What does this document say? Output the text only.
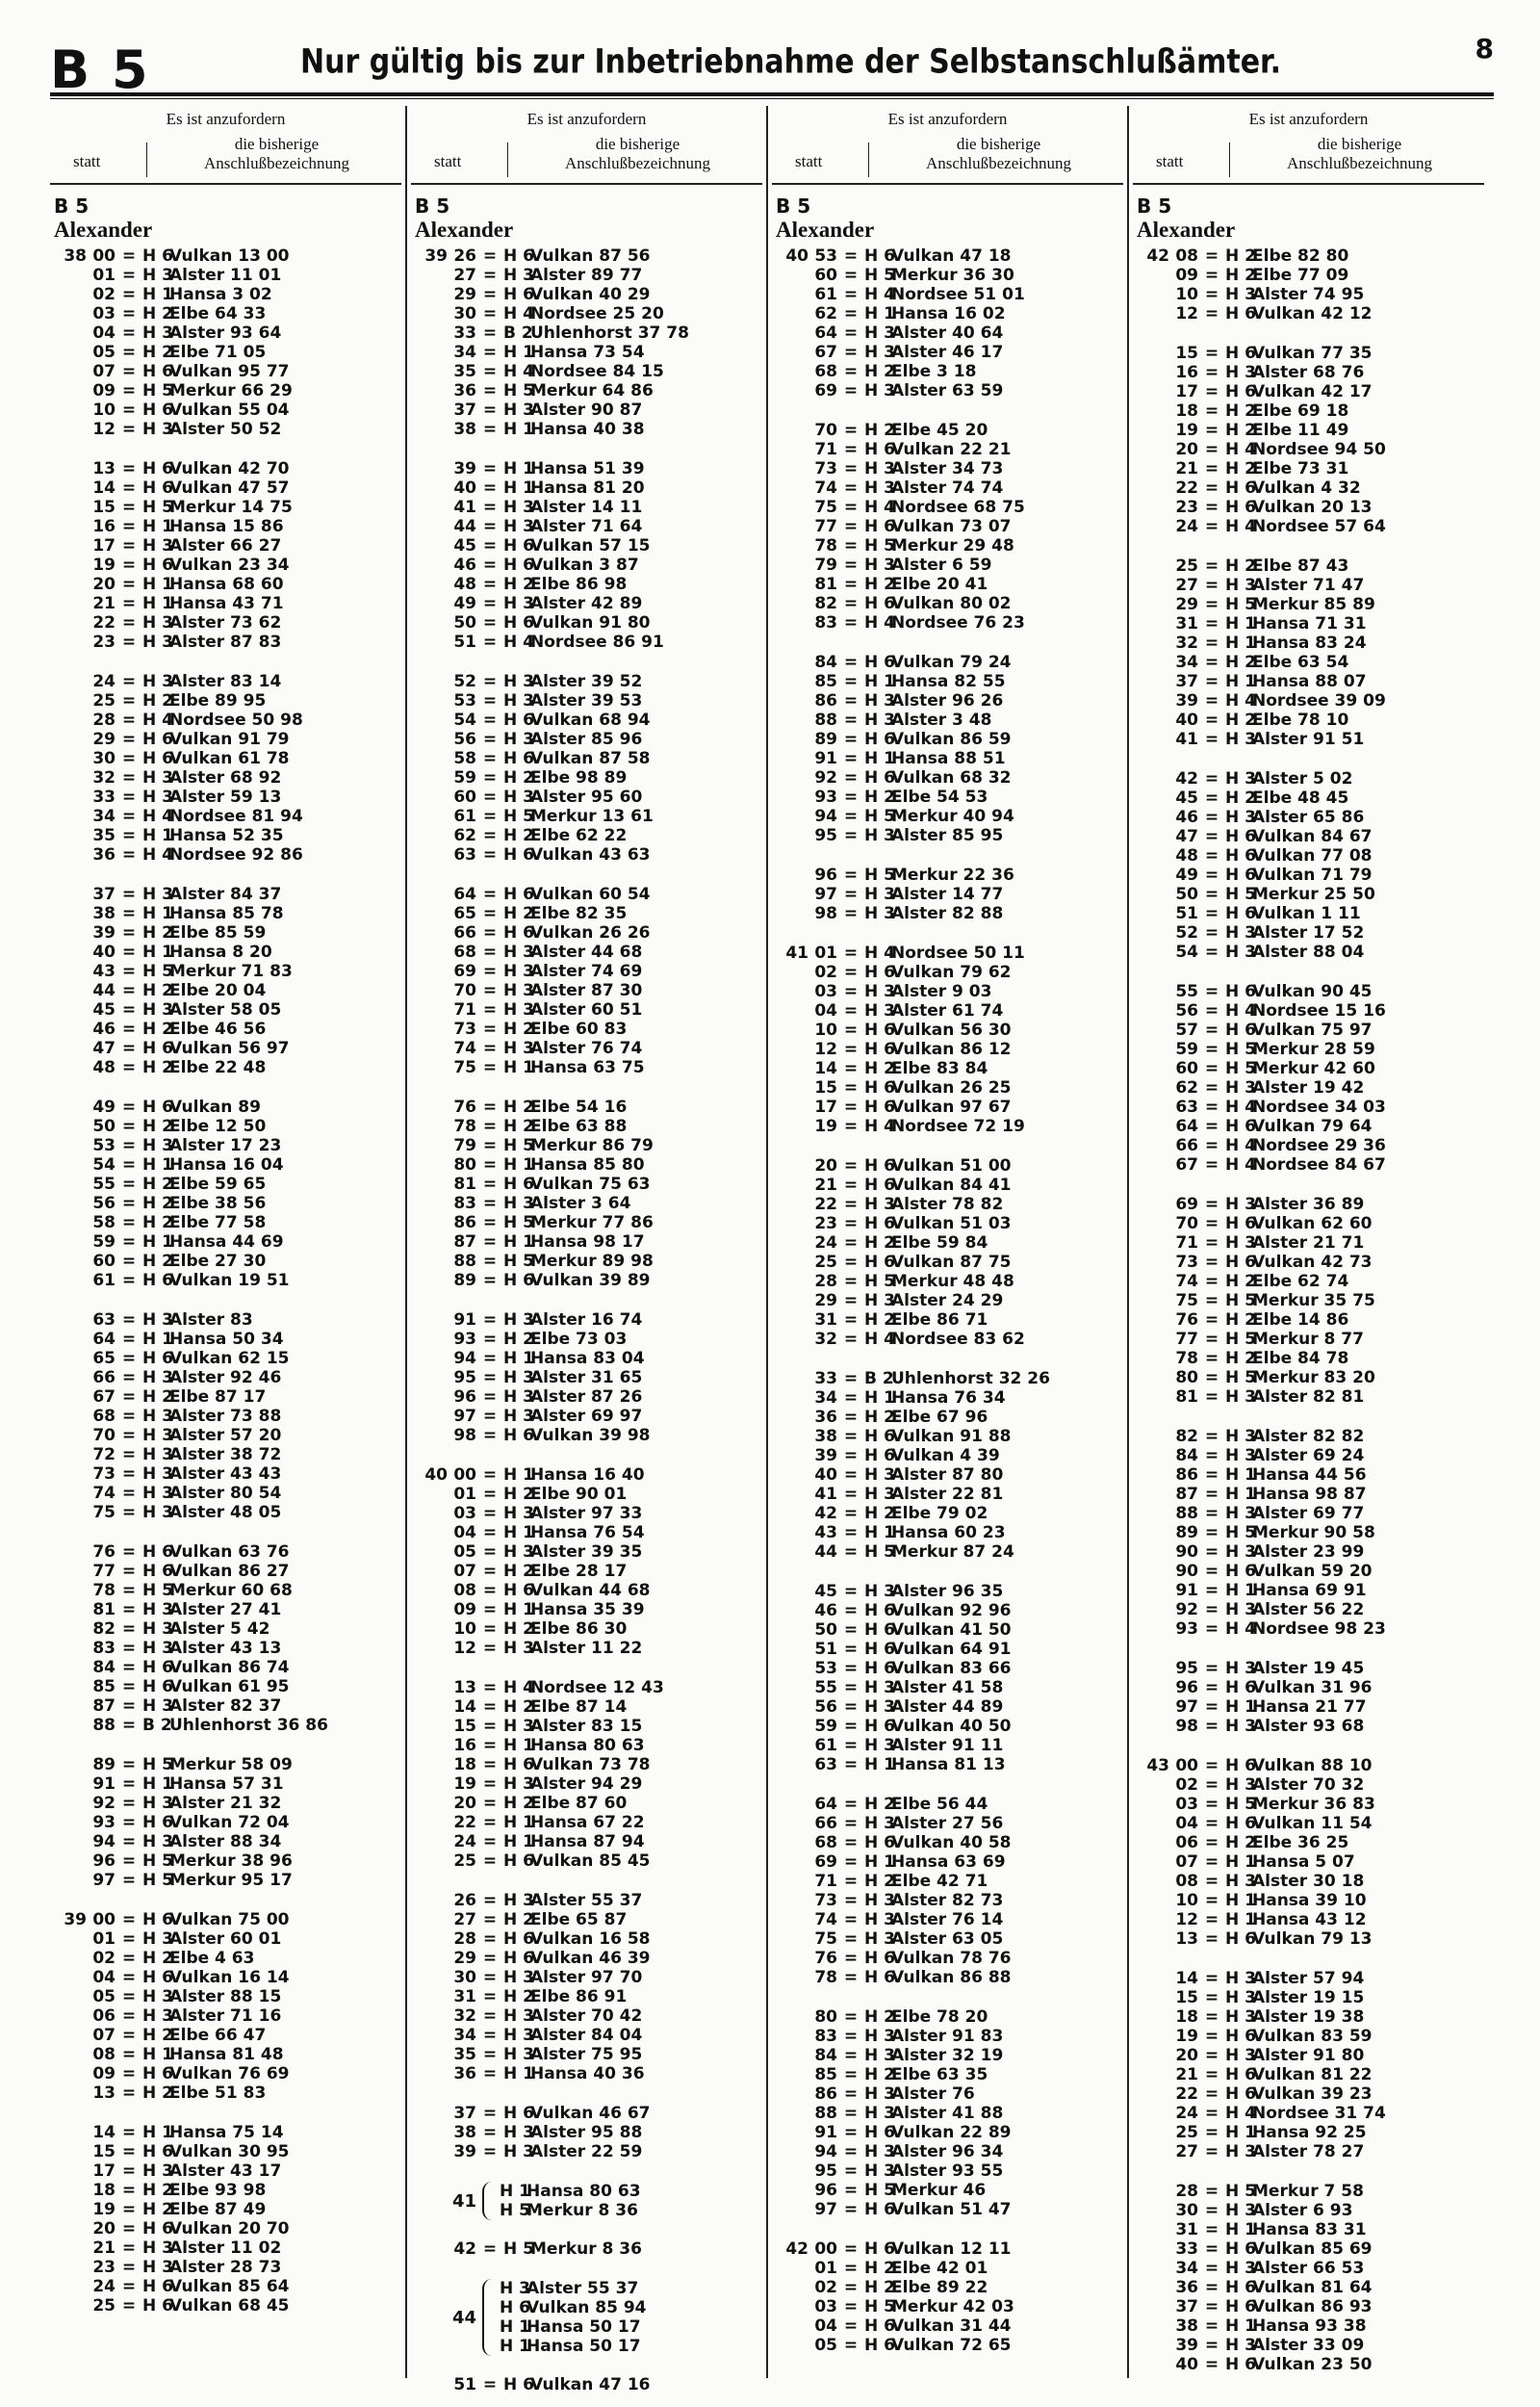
B 5	Nur gültig bis zur Inbetriebnahme der Selbstanschlußämter.	8
Es ist anzufordern
statt
die bisherige
Anschlußbezeichnung
B 5
Alexander
38 00 = H 6
Vulkan 13 00
01 = H 3
Alster 11 01
02 = H 1
Hansa 3 02
03 = H 2
Elbe 64 33
04 = H 3
Alster 93 64
05 = H 2
Elbe 71 05
07 = H 6
Vulkan 95 77
09 = H 5
Merkur 66 29
10 = H 6
Vulkan 55 04
12 = H 3
Alster 50 52
13 = H 6
Vulkan 42 70
14 = H 6
Vulkan 47 57
15 = H 5
Merkur 14 75
16 = H 1
Hansa 15 86
17 = H 3
Alster 66 27
19 = H 6
Vulkan 23 34
20 = H 1
Hansa 68 60
21 = H 1
Hansa 43 71
22 = H 3
Alster 73 62
23 = H 3
Alster 87 83
24 = H 3
Alster 83 14
25 = H 2
Elbe 89 95
28 = H 4
Nordsee 50 98
29 = H 6
Vulkan 91 79
30 = H 6
Vulkan 61 78
32 = H 3
Alster 68 92
33 = H 3
Alster 59 13
34 = H 4
Nordsee 81 94
35 = H 1
Hansa 52 35
36 = H 4
Nordsee 92 86
37 = H 3
Alster 84 37
38 = H 1
Hansa 85 78
39 = H 2
Elbe 85 59
40 = H 1
Hansa 8 20
43 = H 5
Merkur 71 83
44 = H 2
Elbe 20 04
45 = H 3
Alster 58 05
46 = H 2
Elbe 46 56
47 = H 6
Vulkan 56 97
48 = H 2
Elbe 22 48
49 = H 6
Vulkan 89
50 = H 2
Elbe 12 50
53 = H 3
Alster 17 23
54 = H 1
Hansa 16 04
55 = H 2
Elbe 59 65
56 = H 2
Elbe 38 56
58 = H 2
Elbe 77 58
59 = H 1
Hansa 44 69
60 = H 2
Elbe 27 30
61 = H 6
Vulkan 19 51
63 = H 3
Alster 83
64 = H 1
Hansa 50 34
65 = H 6
Vulkan 62 15
66 = H 3
Alster 92 46
67 = H 2
Elbe 87 17
68 = H 3
Alster 73 88
70 = H 3
Alster 57 20
72 = H 3
Alster 38 72
73 = H 3
Alster 43 43
74 = H 3
Alster 80 54
75 = H 3
Alster 48 05
76 = H 6
Vulkan 63 76
77 = H 6
Vulkan 86 27
78 = H 5
Merkur 60 68
81 = H 3
Alster 27 41
82 = H 3
Alster 5 42
83 = H 3
Alster 43 13
84 = H 6
Vulkan 86 74
85 = H 6
Vulkan 61 95
87 = H 3
Alster 82 37
88 = B 2
Uhlenhorst 36 86
89 = H 5
Merkur 58 09
91 = H 1
Hansa 57 31
92 = H 3
Alster 21 32
93 = H 6
Vulkan 72 04
94 = H 3
Alster 88 34
96 = H 5
Merkur 38 96
97 = H 5
Merkur 95 17
39 00 = H 6
Vulkan 75 00
01 = H 3
Alster 60 01
02 = H 2
Elbe 4 63
04 = H 6
Vulkan 16 14
05 = H 3
Alster 88 15
06 = H 3
Alster 71 16
07 = H 2
Elbe 66 47
08 = H 1
Hansa 81 48
09 = H 6
Vulkan 76 69
13 = H 2
Elbe 51 83
14 = H 1
Hansa 75 14
15 = H 6
Vulkan 30 95
17 = H 3
Alster 43 17
18 = H 2
Elbe 93 98
19 = H 2
Elbe 87 49
20 = H 6
Vulkan 20 70
21 = H 3
Alster 11 02
23 = H 3
Alster 28 73
24 = H 6
Vulkan 85 64
25 = H 6
Vulkan 68 45
Es ist anzufordern
statt
die bisherige
Anschlußbezeichnung
B 5
Alexander
39 26 = H 6
Vulkan 87 56
27 = H 3
Alster 89 77
29 = H 6
Vulkan 40 29
30 = H 4
Nordsee 25 20
33 = B 2
Uhlenhorst 37 78
34 = H 1
Hansa 73 54
35 = H 4
Nordsee 84 15
36 = H 5
Merkur 64 86
37 = H 3
Alster 90 87
38 = H 1
Hansa 40 38
39 = H 1
Hansa 51 39
40 = H 1
Hansa 81 20
41 = H 3
Alster 14 11
44 = H 3
Alster 71 64
45 = H 6
Vulkan 57 15
46 = H 6
Vulkan 3 87
48 = H 2
Elbe 86 98
49 = H 3
Alster 42 89
50 = H 6
Vulkan 91 80
51 = H 4
Nordsee 86 91
52 = H 3
Alster 39 52
53 = H 3
Alster 39 53
54 = H 6
Vulkan 68 94
56 = H 3
Alster 85 96
58 = H 6
Vulkan 87 58
59 = H 2
Elbe 98 89
60 = H 3
Alster 95 60
61 = H 5
Merkur 13 61
62 = H 2
Elbe 62 22
63 = H 6
Vulkan 43 63
64 = H 6
Vulkan 60 54
65 = H 2
Elbe 82 35
66 = H 6
Vulkan 26 26
68 = H 3
Alster 44 68
69 = H 3
Alster 74 69
70 = H 3
Alster 87 30
71 = H 3
Alster 60 51
73 = H 2
Elbe 60 83
74 = H 3
Alster 76 74
75 = H 1
Hansa 63 75
76 = H 2
Elbe 54 16
78 = H 2
Elbe 63 88
79 = H 5
Merkur 86 79
80 = H 1
Hansa 85 80
81 = H 6
Vulkan 75 63
83 = H 3
Alster 3 64
86 = H 5
Merkur 77 86
87 = H 1
Hansa 98 17
88 = H 5
Merkur 89 98
89 = H 6
Vulkan 39 89
91 = H 3
Alster 16 74
93 = H 2
Elbe 73 03
94 = H 1
Hansa 83 04
95 = H 3
Alster 31 65
96 = H 3
Alster 87 26
97 = H 3
Alster 69 97
98 = H 6
Vulkan 39 98
40 00 = H 1
Hansa 16 40
01 = H 2
Elbe 90 01
03 = H 3
Alster 97 33
04 = H 1
Hansa 76 54
05 = H 3
Alster 39 35
07 = H 2
Elbe 28 17
08 = H 6
Vulkan 44 68
09 = H 1
Hansa 35 39
10 = H 2
Elbe 86 30
12 = H 3
Alster 11 22
13 = H 4
Nordsee 12 43
14 = H 2
Elbe 87 14
15 = H 3
Alster 83 15
16 = H 1
Hansa 80 63
18 = H 6
Vulkan 73 78
19 = H 3
Alster 94 29
20 = H 2
Elbe 87 60
22 = H 1
Hansa 67 22
24 = H 1
Hansa 87 94
25 = H 6
Vulkan 85 45
26 = H 3
Alster 55 37
27 = H 2
Elbe 65 87
28 = H 6
Vulkan 16 58
29 = H 6
Vulkan 46 39
30 = H 3
Alster 97 70
31 = H 2
Elbe 86 91
32 = H 3
Alster 70 42
34 = H 3
Alster 84 04
35 = H 3
Alster 75 95
36 = H 1
Hansa 40 36
37 = H 6
Vulkan 46 67
38 = H 3
Alster 95 88
39 = H 3
Alster 22 59
41 H 1Hansa 80 63
H 5Merkur 8 36
42 = H 5
Merkur 8 36
44
H 3Alster 55 37
H 6Vulkan 85 94
H 1Hansa 50 17
H 1Hansa 50 17
51 = H 6
Vulkan 47 16
Es ist anzufordern
statt
die bisherige
Anschlußbezeichnung
B 5
Alexander
40 53 = H 6
Vulkan 47 18
60 = H 5
Merkur 36 30
61 = H 4
Nordsee 51 01
62 = H 1
Hansa 16 02
64 = H 3
Alster 40 64
67 = H 3
Alster 46 17
68 = H 2
Elbe 3 18
69 = H 3
Alster 63 59
70 = H 2
Elbe 45 20
71 = H 6
Vulkan 22 21
73 = H 3
Alster 34 73
74 = H 3
Alster 74 74
75 = H 4
Nordsee 68 75
77 = H 6
Vulkan 73 07
78 = H 5
Merkur 29 48
79 = H 3
Alster 6 59
81 = H 2
Elbe 20 41
82 = H 6
Vulkan 80 02
83 = H 4
Nordsee 76 23
84 = H 6
Vulkan 79 24
85 = H 1
Hansa 82 55
86 = H 3
Alster 96 26
88 = H 3
Alster 3 48
89 = H 6
Vulkan 86 59
91 = H 1
Hansa 88 51
92 = H 6
Vulkan 68 32
93 = H 2
Elbe 54 53
94 = H 5
Merkur 40 94
95 = H 3
Alster 85 95
96 = H 5
Merkur 22 36
97 = H 3
Alster 14 77
98 = H 3
Alster 82 88
41 01 = H 4
Nordsee 50 11
02 = H 6
Vulkan 79 62
03 = H 3
Alster 9 03
04 = H 3
Alster 61 74
10 = H 6
Vulkan 56 30
12 = H 6
Vulkan 86 12
14 = H 2
Elbe 83 84
15 = H 6
Vulkan 26 25
17 = H 6
Vulkan 97 67
19 = H 4
Nordsee 72 19
20 = H 6
Vulkan 51 00
21 = H 6
Vulkan 84 41
22 = H 3
Alster 78 82
23 = H 6
Vulkan 51 03
24 = H 2
Elbe 59 84
25 = H 6
Vulkan 87 75
28 = H 5
Merkur 48 48
29 = H 3
Alster 24 29
31 = H 2
Elbe 86 71
32 = H 4
Nordsee 83 62
33 = B 2
Uhlenhorst 32 26
34 = H 1
Hansa 76 34
36 = H 2
Elbe 67 96
38 = H 6
Vulkan 91 88
39 = H 6
Vulkan 4 39
40 = H 3
Alster 87 80
41 = H 3
Alster 22 81
42 = H 2
Elbe 79 02
43 = H 1
Hansa 60 23
44 = H 5
Merkur 87 24
45 = H 3
Alster 96 35
46 = H 6
Vulkan 92 96
50 = H 6
Vulkan 41 50
51 = H 6
Vulkan 64 91
53 = H 6
Vulkan 83 66
55 = H 3
Alster 41 58
56 = H 3
Alster 44 89
59 = H 6
Vulkan 40 50
61 = H 3
Alster 91 11
63 = H 1
Hansa 81 13
64 = H 2
Elbe 56 44
66 = H 3
Alster 27 56
68 = H 6
Vulkan 40 58
69 = H 1
Hansa 63 69
71 = H 2
Elbe 42 71
73 = H 3
Alster 82 73
74 = H 3
Alster 76 14
75 = H 3
Alster 63 05
76 = H 6
Vulkan 78 76
78 = H 6
Vulkan 86 88
80 = H 2
Elbe 78 20
83 = H 3
Alster 91 83
84 = H 3
Alster 32 19
85 = H 2
Elbe 63 35
86 = H 3
Alster 76
88 = H 3
Alster 41 88
91 = H 6
Vulkan 22 89
94 = H 3
Alster 96 34
95 = H 3
Alster 93 55
96 = H 5
Merkur 46
97 = H 6
Vulkan 51 47
42 00 = H 6
Vulkan 12 11
01 = H 2
Elbe 42 01
02 = H 2
Elbe 89 22
03 = H 5
Merkur 42 03
04 = H 6
Vulkan 31 44
05 = H 6
Vulkan 72 65
Es ist anzufordern
statt
die bisherige
Anschlußbezeichnung
B 5
Alexander
42 08 = H 2
Elbe 82 80
09 = H 2
Elbe 77 09
10 = H 3
Alster 74 95
12 = H 6
Vulkan 42 12
15 = H 6
Vulkan 77 35
16 = H 3
Alster 68 76
17 = H 6
Vulkan 42 17
18 = H 2
Elbe 69 18
19 = H 2
Elbe 11 49
20 = H 4
Nordsee 94 50
21 = H 2
Elbe 73 31
22 = H 6
Vulkan 4 32
23 = H 6
Vulkan 20 13
24 = H 4
Nordsee 57 64
25 = H 2
Elbe 87 43
27 = H 3
Alster 71 47
29 = H 5
Merkur 85 89
31 = H 1
Hansa 71 31
32 = H 1
Hansa 83 24
34 = H 2
Elbe 63 54
37 = H 1
Hansa 88 07
39 = H 4
Nordsee 39 09
40 = H 2
Elbe 78 10
41 = H 3
Alster 91 51
42 = H 3
Alster 5 02
45 = H 2
Elbe 48 45
46 = H 3
Alster 65 86
47 = H 6
Vulkan 84 67
48 = H 6
Vulkan 77 08
49 = H 6
Vulkan 71 79
50 = H 5
Merkur 25 50
51 = H 6
Vulkan 1 11
52 = H 3
Alster 17 52
54 = H 3
Alster 88 04
55 = H 6
Vulkan 90 45
56 = H 4
Nordsee 15 16
57 = H 6
Vulkan 75 97
59 = H 5
Merkur 28 59
60 = H 5
Merkur 42 60
62 = H 3
Alster 19 42
63 = H 4
Nordsee 34 03
64 = H 6
Vulkan 79 64
66 = H 4
Nordsee 29 36
67 = H 4
Nordsee 84 67
69 = H 3
Alster 36 89
70 = H 6
Vulkan 62 60
71 = H 3
Alster 21 71
73 = H 6
Vulkan 42 73
74 = H 2
Elbe 62 74
75 = H 5
Merkur 35 75
76 = H 2
Elbe 14 86
77 = H 5
Merkur 8 77
78 = H 2
Elbe 84 78
80 = H 5
Merkur 83 20
81 = H 3
Alster 82 81
82 = H 3
Alster 82 82
84 = H 3
Alster 69 24
86 = H 1
Hansa 44 56
87 = H 1
Hansa 98 87
88 = H 3
Alster 69 77
89 = H 5
Merkur 90 58
90 = H 3
Alster 23 99
90 = H 6
Vulkan 59 20
91 = H 1
Hansa 69 91
92 = H 3
Alster 56 22
93 = H 4
Nordsee 98 23
95 = H 3
Alster 19 45
96 = H 6
Vulkan 31 96
97 = H 1
Hansa 21 77
98 = H 3
Alster 93 68
43 00 = H 6
Vulkan 88 10
02 = H 3
Alster 70 32
03 = H 5
Merkur 36 83
04 = H 6
Vulkan 11 54
06 = H 2
Elbe 36 25
07 = H 1
Hansa 5 07
08 = H 3
Alster 30 18
10 = H 1
Hansa 39 10
12 = H 1
Hansa 43 12
13 = H 6
Vulkan 79 13
14 = H 3
Alster 57 94
15 = H 3
Alster 19 15
18 = H 3
Alster 19 38
19 = H 6
Vulkan 83 59
20 = H 3
Alster 91 80
21 = H 6
Vulkan 81 22
22 = H 6
Vulkan 39 23
24 = H 4
Nordsee 31 74
25 = H 1
Hansa 92 25
27 = H 3
Alster 78 27
28 = H 5
Merkur 7 58
30 = H 3
Alster 6 93
31 = H 1
Hansa 83 31
33 = H 6
Vulkan 85 69
34 = H 3
Alster 66 53
36 = H 6
Vulkan 81 64
37 = H 6
Vulkan 86 93
38 = H 1
Hansa 93 38
39 = H 3
Alster 33 09
40 = H 6
Vulkan 23 50
